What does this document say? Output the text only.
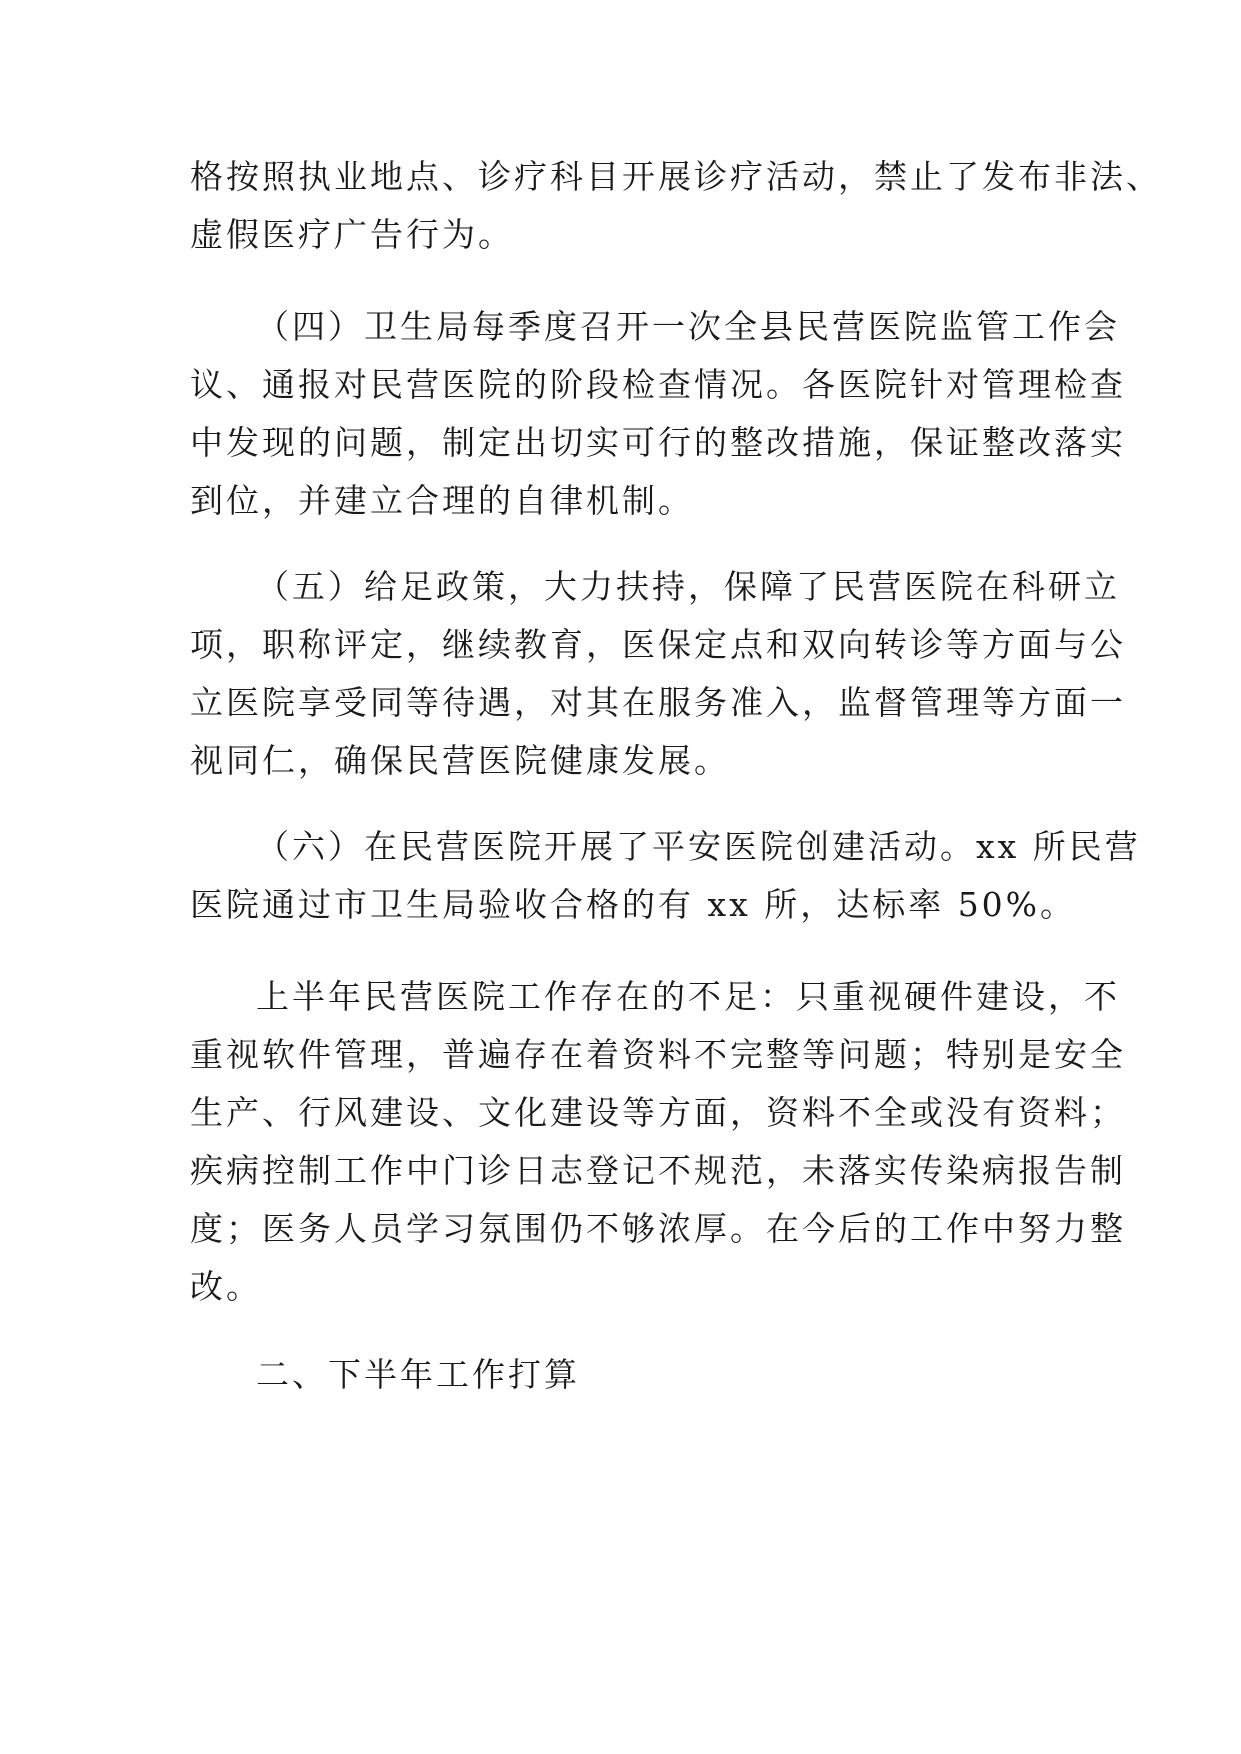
格按照执业地点、诊疗科目开展诊疗活动，禁止了发布非法、
虚假医疗广告行为。

（四）卫生局每季度召开一次全县民营医院监管工作会
议、通报对民营医院的阶段检查情况。各医院针对管理检查
中发现的问题，制定出切实可行的整改措施，保证整改落实
到位，并建立合理的自律机制。

（五）给足政策，大力扶持，保障了民营医院在科研立
项，职称评定，继续教育，医保定点和双向转诊等方面与公
立医院享受同等待遇，对其在服务准入，监督管理等方面一
视同仁，确保民营医院健康发展。

（六）在民营医院开展了平安医院创建活动。xx 所民营
医院通过市卫生局验收合格的有 xx 所，达标率 50%。

上半年民营医院工作存在的不足：只重视硬件建设，不
重视软件管理，普遍存在着资料不完整等问题；特别是安全
生产、行风建设、文化建设等方面，资料不全或没有资料；
疾病控制工作中门诊日志登记不规范，未落实传染病报告制
度；医务人员学习氛围仍不够浓厚。在今后的工作中努力整
改。

二、下半年工作打算
